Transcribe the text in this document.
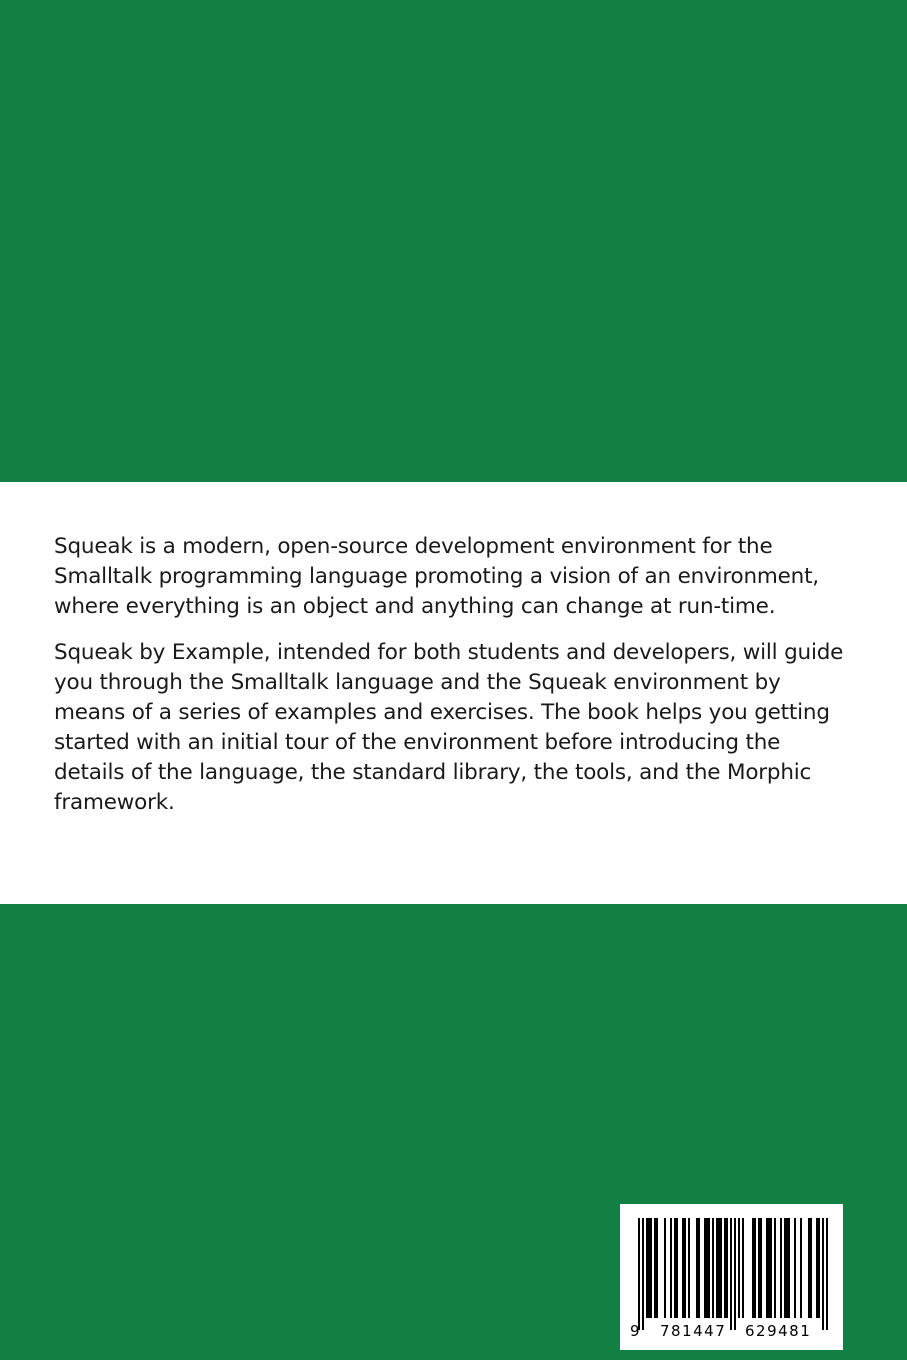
Squeak is a modern, open-source development environment for the Smalltalk programming language promoting a vision of an environment, where everything is an object and anything can change at run-time.

Squeak by Example, intended for both students and developers, will guide you through the Smalltalk language and the Squeak environment by means of a series of examples and exercises. The book helps you getting started with an initial tour of the environment before introducing the details of the language, the standard library, the tools, and the Morphic framework.

9 781447 629481
